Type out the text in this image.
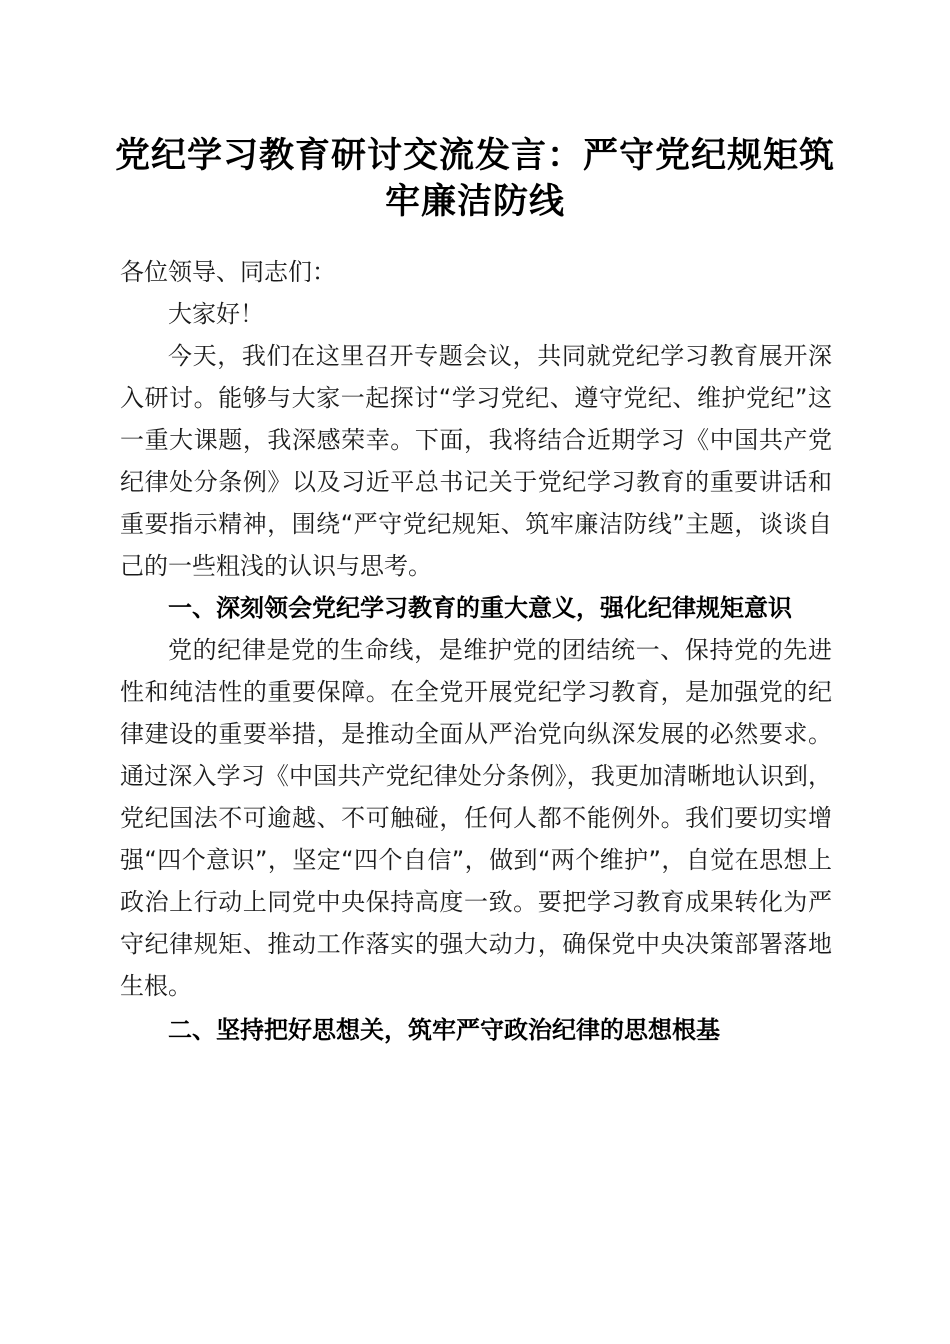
党纪学习教育研讨交流发言：严守党纪规矩筑牢廉洁防线

各位领导、同志们：

大家好！

今天，我们在这里召开专题会议，共同就党纪学习教育展开深入研讨。能够与大家一起探讨“学习党纪、遵守党纪、维护党纪”这一重大课题，我深感荣幸。下面，我将结合近期学习《中国共产党纪律处分条例》以及习近平总书记关于党纪学习教育的重要讲话和重要指示精神，围绕“严守党纪规矩、筑牢廉洁防线”主题，谈谈自己的一些粗浅的认识与思考。

一、深刻领会党纪学习教育的重大意义，强化纪律规矩意识

党的纪律是党的生命线，是维护党的团结统一、保持党的先进性和纯洁性的重要保障。在全党开展党纪学习教育，是加强党的纪律建设的重要举措，是推动全面从严治党向纵深发展的必然要求。通过深入学习《中国共产党纪律处分条例》，我更加清晰地认识到，党纪国法不可逾越、不可触碰，任何人都不能例外。我们要切实增强“四个意识”，坚定“四个自信”，做到“两个维护”，自觉在思想上政治上行动上同党中央保持高度一致。要把学习教育成果转化为严守纪律规矩、推动工作落实的强大动力，确保党中央决策部署落地生根。

二、坚持把好思想关，筑牢严守政治纪律的思想根基
